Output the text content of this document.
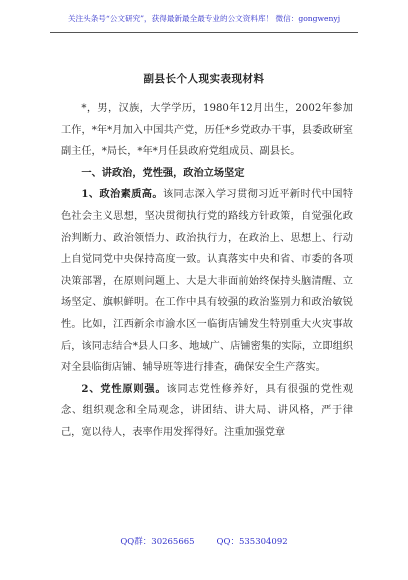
关注头条号“公文研究”，获得最新最全最专业的公文资料库！ 微信：gongwenyj
副县长个人现实表现材料

*，男，汉族，大学学历，1980年12月出生，2002年参加工作，*年*月加入中国共产党，历任*乡党政办干事，县委政研室副主任，*局长，*年*月任县政府党组成员、副县长。

一、讲政治，党性强，政治立场坚定

1、政治素质高。该同志深入学习贯彻习近平新时代中国特色社会主义思想，坚决贯彻执行党的路线方针政策，自觉强化政治判断力、政治领悟力、政治执行力，在政治上、思想上、行动上自觉同党中央保持高度一致。认真落实中央和省、市委的各项决策部署，在原则问题上、大是大非面前始终保持头脑清醒、立场坚定、旗帜鲜明。在工作中具有较强的政治鉴别力和政治敏锐性。比如，江西新余市渝水区一临街店铺发生特别重大火灾事故后，该同志结合*县人口多、地域广、店铺密集的实际，立即组织对全县临街店铺、辅导班等进行排查，确保安全生产落实。

2、党性原则强。该同志党性修养好，具有很强的党性观念、组织观念和全局观念，讲团结、讲大局、讲风格，严于律己，宽以待人，表率作用发挥得好。注重加强党章

QQ群：30265665	QQ：535304092
